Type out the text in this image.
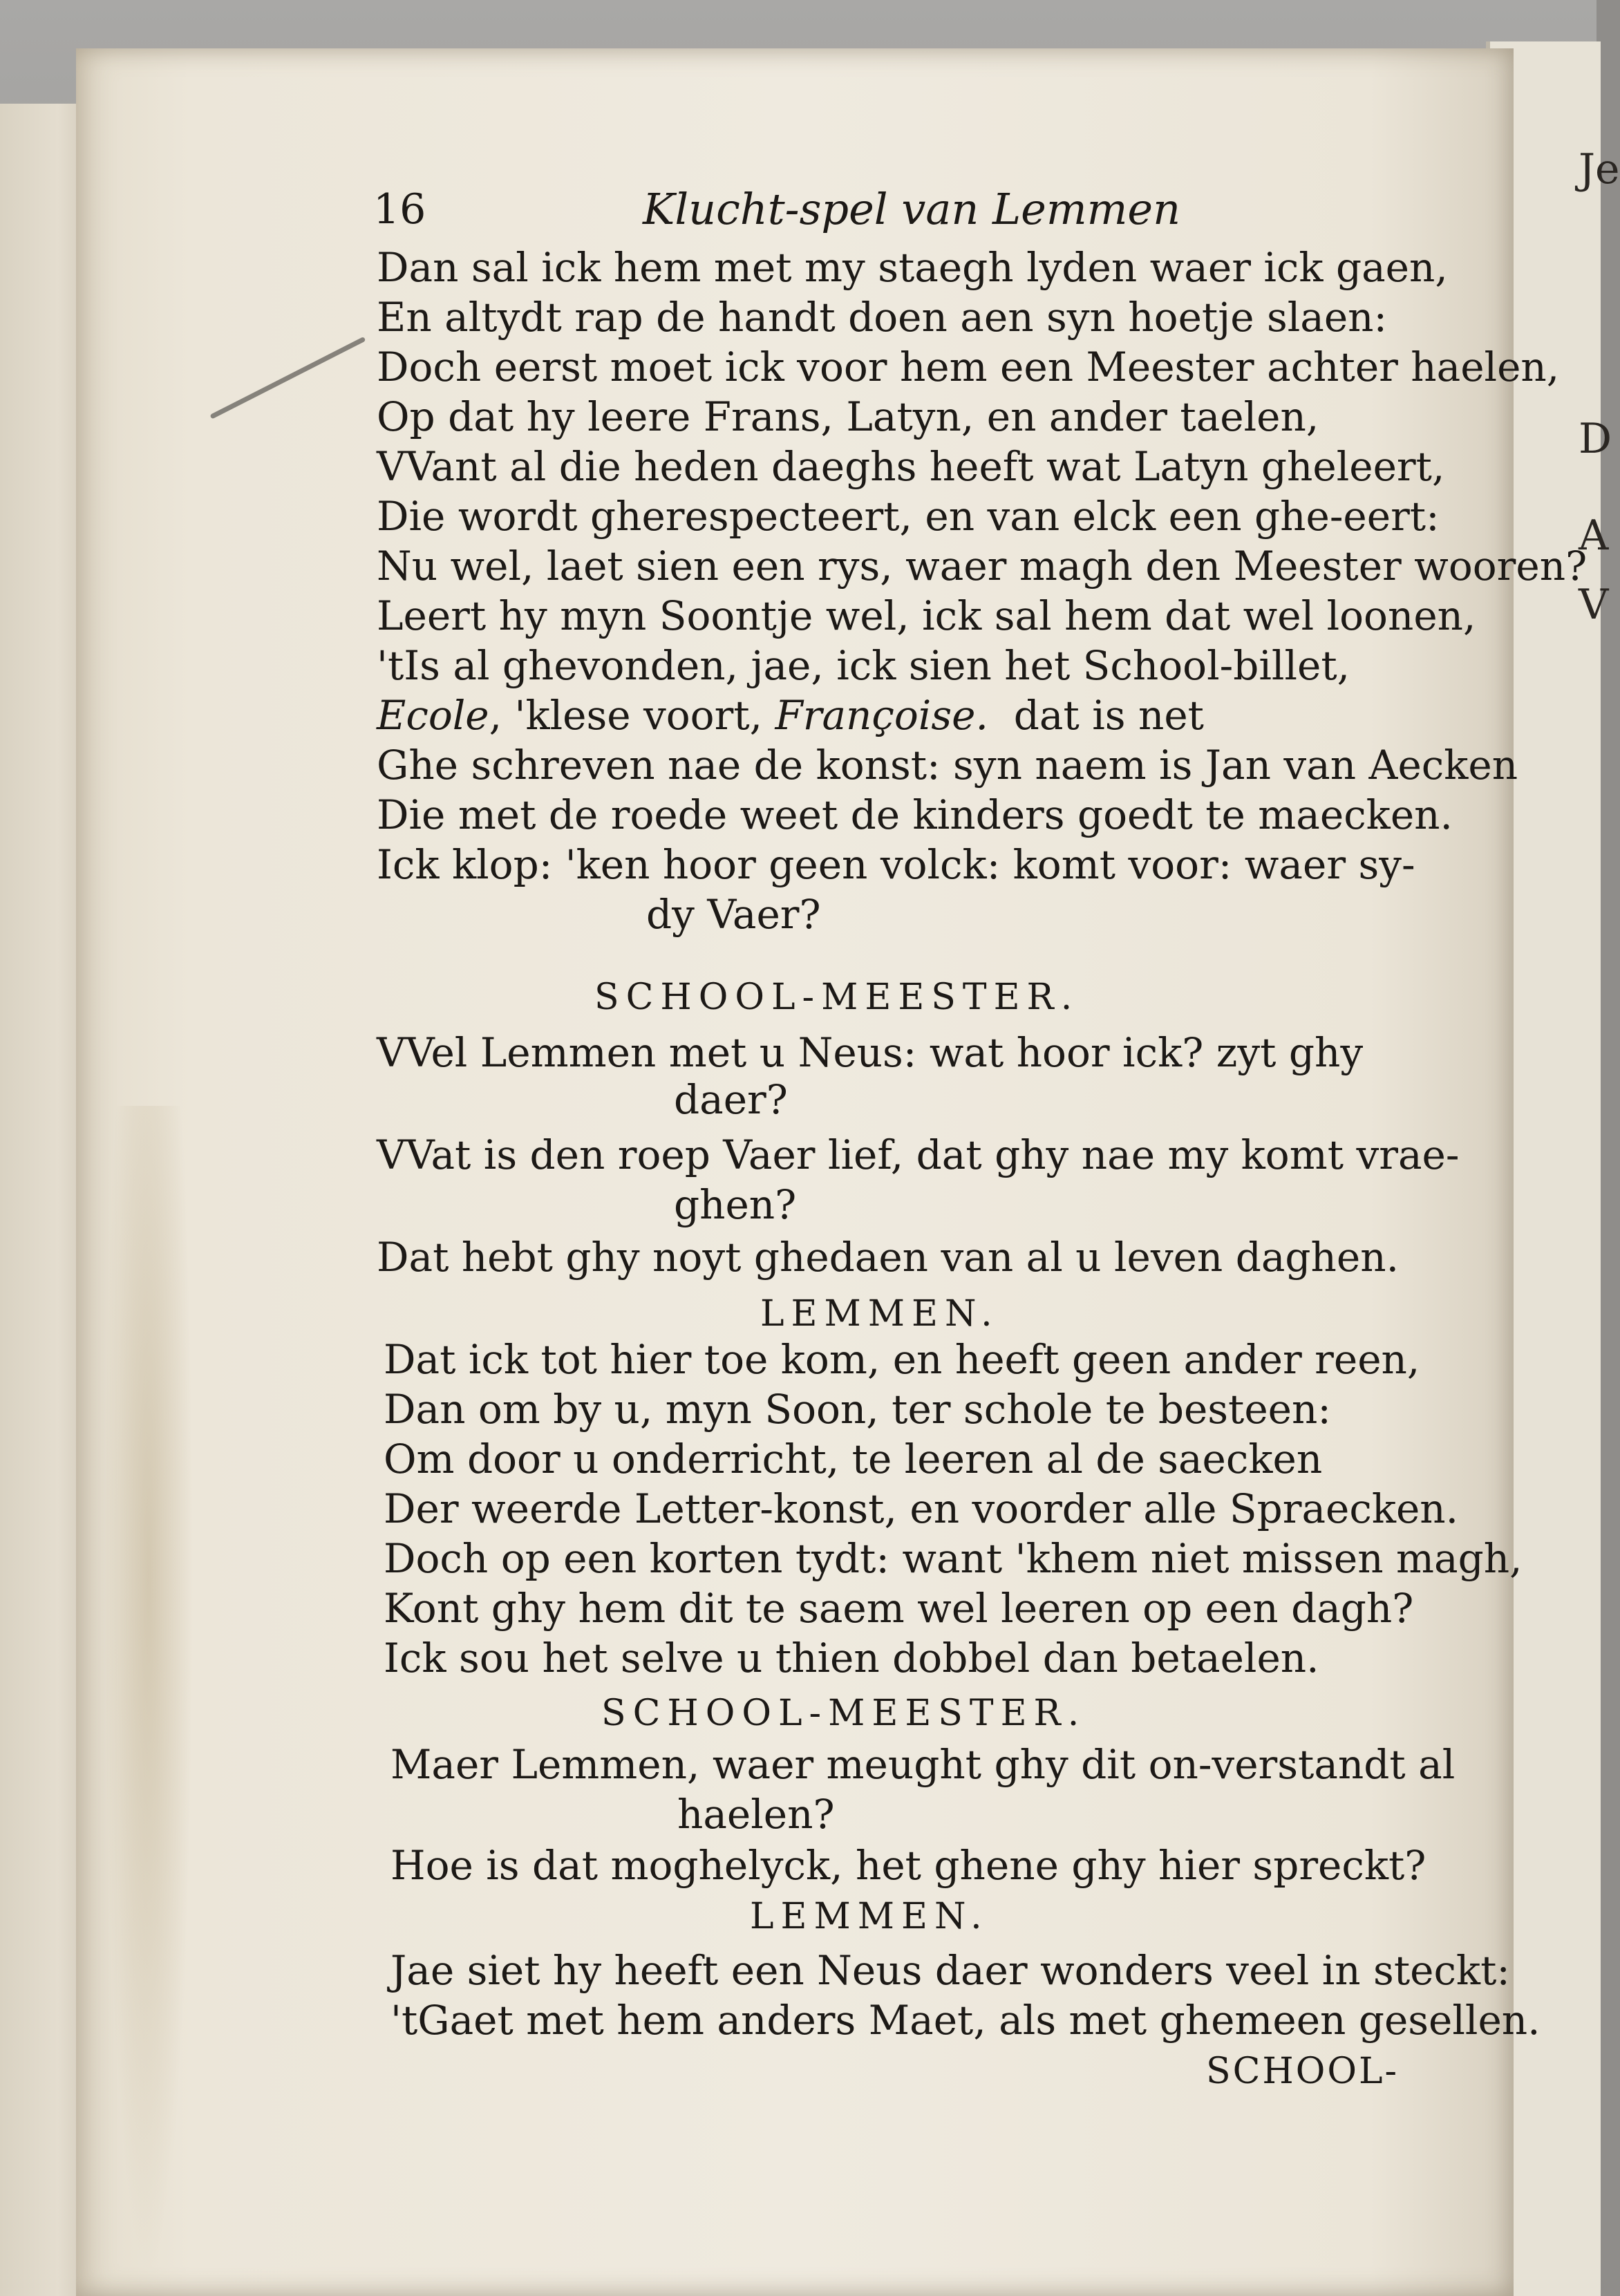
Je
D
A
V
16	Klucht-spel van Lemmen
Dan sal ick hem met my staegh lyden waer ick gaen,
En altydt rap de handt doen aen syn hoetje slaen:
Doch eerst moet ick voor hem een Meester achter haelen,
Op dat hy leere Frans, Latyn, en ander taelen,
VVant al die heden daeghs heeft wat Latyn gheleert,
Die wordt gherespecteert, en van elck een ghe-eert:
Nu wel, laet sien een rys, waer magh den Meester wooren?
Leert hy myn Soontje wel, ick sal hem dat wel loonen,
'tIs al ghevonden, jae, ick sien het School-billet,
Ecole, 'klese voort, Françoise. dat is net
Ghe schreven nae de konst: syn naem is Jan van Aecken
Die met de roede weet de kinders goedt te maecken.
Ick klop: 'ken hoor geen volck: komt voor: waer sy-
dy Vaer?
SCHOOL-MEESTER.
VVel Lemmen met u Neus: wat hoor ick? zyt ghy
daer?
VVat is den roep Vaer lief, dat ghy nae my komt vrae-
ghen?
Dat hebt ghy noyt ghedaen van al u leven daghen.
LEMMEN.
Dat ick tot hier toe kom, en heeft geen ander reen,
Dan om by u, myn Soon, ter schole te besteen:
Om door u onderricht, te leeren al de saecken
Der weerde Letter-konst, en voorder alle Spraecken.
Doch op een korten tydt: want 'khem niet missen magh,
Kont ghy hem dit te saem wel leeren op een dagh?
Ick sou het selve u thien dobbel dan betaelen.
SCHOOL-MEESTER.
Maer Lemmen, waer meught ghy dit on-verstandt al
haelen?
Hoe is dat moghelyck, het ghene ghy hier spreckt?
LEMMEN.
Jae siet hy heeft een Neus daer wonders veel in steckt:
'tGaet met hem anders Maet, als met ghemeen gesellen.
SCHOOL-
